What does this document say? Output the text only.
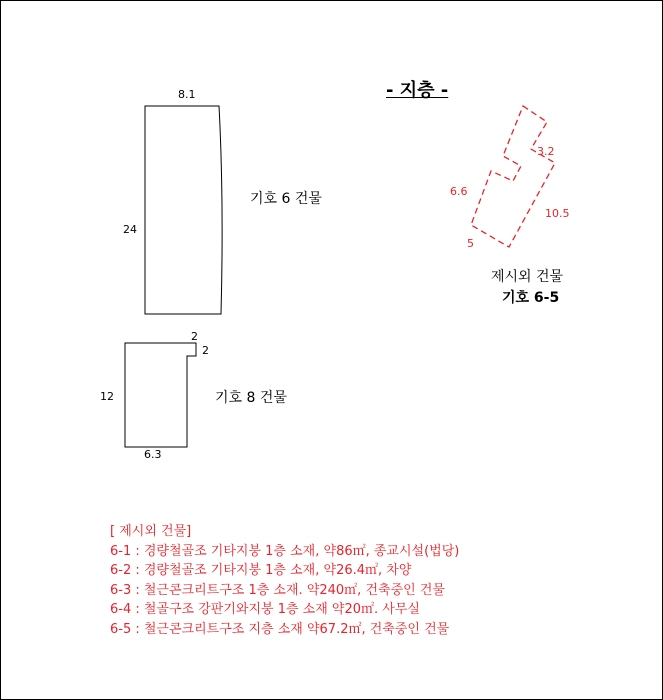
- 지층 -
8.1
24
기호 6 건물
2
2
12
6.3
기호 8 건물
3.2
6.6
10.5
5
제시외 건물
기호 6-5
[ 제시외 건물]
6-1 : 경량철골조 기타지붕 1층 소재, 약86㎡, 종교시설(법당)
6-2 : 경량철골조 기타지붕 1층 소재, 약26.4㎡, 차양
6-3 : 철근콘크리트구조 1층 소재. 약240㎡, 건축중인 건물
6-4 : 철골구조 강판기와지붕 1층 소재 약20㎡. 사무실
6-5 : 철근콘크리트구조 지층 소재 약67.2㎡, 건축중인 건물
